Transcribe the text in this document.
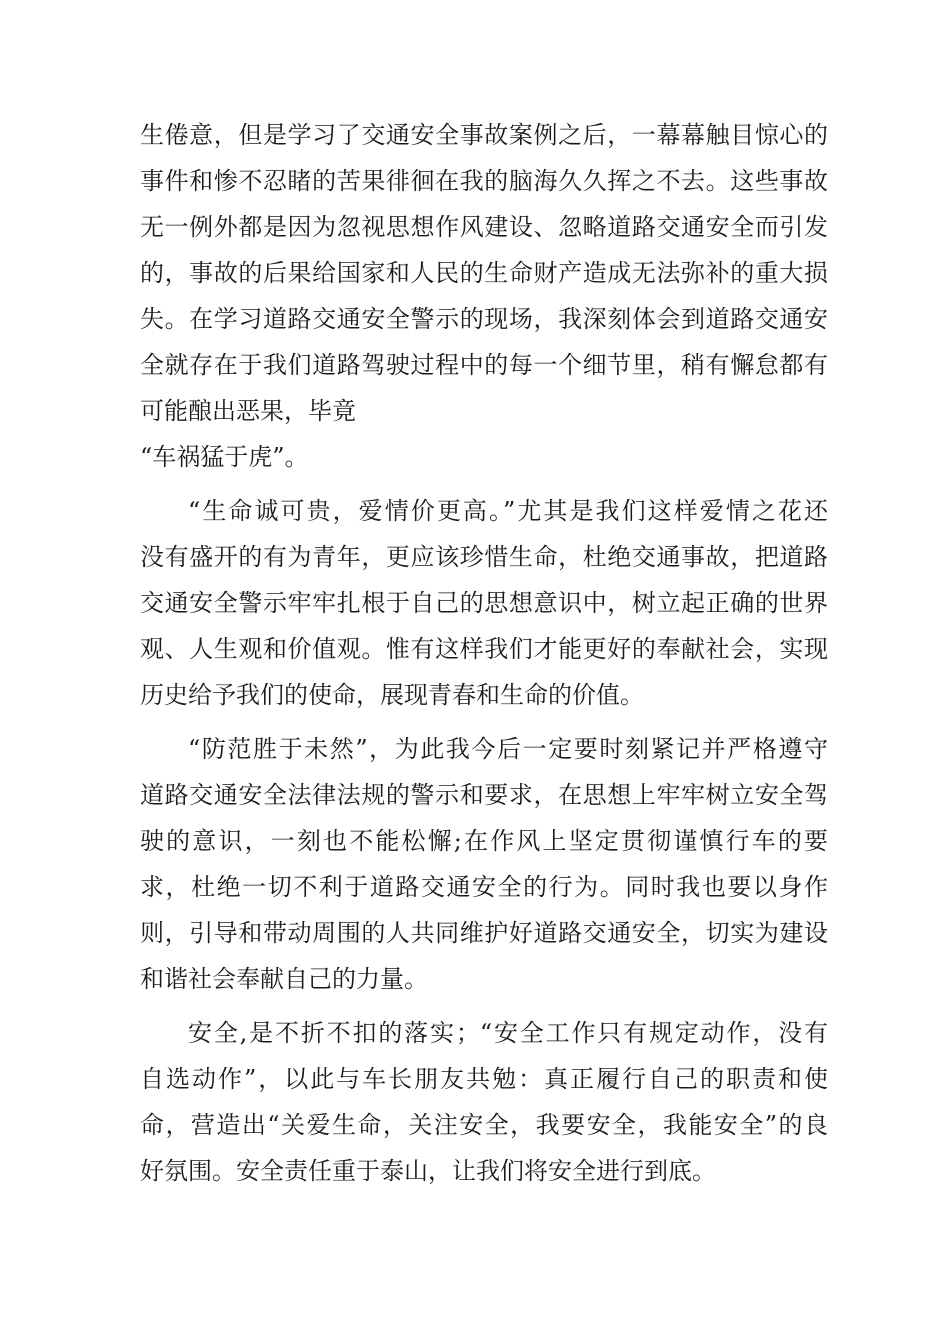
生倦意，但是学习了交通安全事故案例之后，一幕幕触目惊心的
事件和惨不忍睹的苦果徘徊在我的脑海久久挥之不去。这些事故
无一例外都是因为忽视思想作风建设、忽略道路交通安全而引发
的，事故的后果给国家和人民的生命财产造成无法弥补的重大损
失。在学习道路交通安全警示的现场，我深刻体会到道路交通安
全就存在于我们道路驾驶过程中的每一个细节里，稍有懈怠都有
可能酿出恶果，毕竟
“车祸猛于虎”。
“生命诚可贵，爱情价更高。”尤其是我们这样爱情之花还
没有盛开的有为青年，更应该珍惜生命，杜绝交通事故，把道路
交通安全警示牢牢扎根于自己的思想意识中，树立起正确的世界
观、人生观和价值观。惟有这样我们才能更好的奉献社会，实现
历史给予我们的使命，展现青春和生命的价值。
“防范胜于未然”，为此我今后一定要时刻紧记并严格遵守
道路交通安全法律法规的警示和要求，在思想上牢牢树立安全驾
驶的意识，一刻也不能松懈;在作风上坚定贯彻谨慎行车的要
求，杜绝一切不利于道路交通安全的行为。同时我也要以身作
则，引导和带动周围的人共同维护好道路交通安全，切实为建设
和谐社会奉献自己的力量。
安全,是不折不扣的落实；“安全工作只有规定动作，没有
自选动作”，以此与车长朋友共勉：真正履行自己的职责和使
命，营造出“关爱生命，关注安全，我要安全，我能安全”的良
好氛围。安全责任重于泰山，让我们将安全进行到底。
